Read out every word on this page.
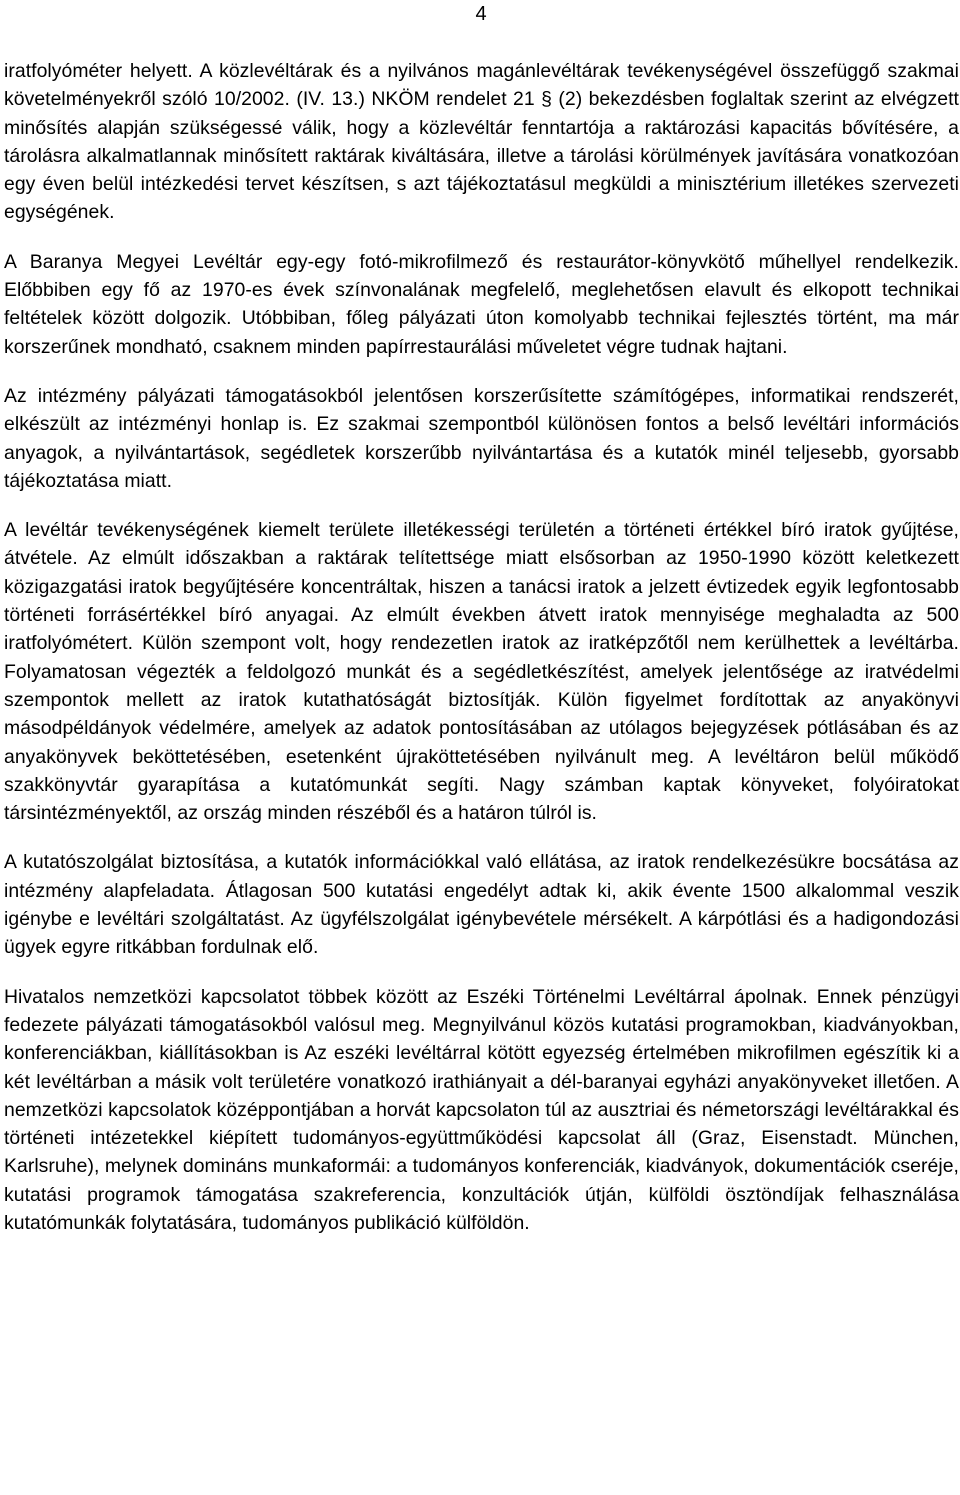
4

iratfolyóméter helyett. A közlevéltárak és a nyilvános magánlevéltárak tevékenységével összefüggő szakmai követelményekről szóló 10/2002. (IV. 13.) NKÖM rendelet 21 § (2) bekezdésben foglaltak szerint az elvégzett minősítés alapján szükségessé válik, hogy a közlevéltár fenntartója a raktározási kapacitás bővítésére, a tárolásra alkalmatlannak minősített raktárak kiváltására, illetve a tárolási körülmények javítására vonatkozóan egy éven belül intézkedési tervet készítsen, s azt tájékoztatásul megküldi a minisztérium illetékes szervezeti egységének.

A Baranya Megyei Levéltár egy-egy fotó-mikrofilmező és restaurátor-könyvkötő műhellyel rendelkezik. Előbbiben egy fő az 1970-es évek színvonalának megfelelő, meglehetősen elavult és elkopott technikai feltételek között dolgozik. Utóbbiban, főleg pályázati úton komolyabb technikai fejlesztés történt, ma már korszerűnek mondható, csaknem minden papírrestaurálási műveletet végre tudnak hajtani.

Az intézmény pályázati támogatásokból jelentősen korszerűsítette számítógépes, informatikai rendszerét, elkészült az intézményi honlap is. Ez szakmai szempontból különösen fontos a belső levéltári információs anyagok, a nyilvántartások, segédletek korszerűbb nyilvántartása és a kutatók minél teljesebb, gyorsabb tájékoztatása miatt.

A levéltár tevékenységének kiemelt területe illetékességi területén a történeti értékkel bíró iratok gyűjtése, átvétele. Az elmúlt időszakban a raktárak telítettsége miatt elsősorban az 1950-1990 között keletkezett közigazgatási iratok begyűjtésére koncentráltak, hiszen a tanácsi iratok a jelzett évtizedek egyik legfontosabb történeti forrásértékkel bíró anyagai. Az elmúlt években átvett iratok mennyisége meghaladta az 500 iratfolyómétert. Külön szempont volt, hogy rendezetlen iratok az iratképzőtől nem kerülhettek a levéltárba. Folyamatosan végezték a feldolgozó munkát és a segédletkészítést, amelyek jelentősége az iratvédelmi szempontok mellett az iratok kutathatóságát biztosítják. Külön figyelmet fordítottak az anyakönyvi másodpéldányok védelmére, amelyek az adatok pontosításában az utólagos bejegyzések pótlásában és az anyakönyvek beköttetésében, esetenként újraköttetésében nyilvánult meg. A levéltáron belül működő szakkönyvtár gyarapítása a kutatómunkát segíti. Nagy számban kaptak könyveket, folyóiratokat társintézményektől, az ország minden részéből és a határon túlról is.

A kutatószolgálat biztosítása, a kutatók információkkal való ellátása, az iratok rendelkezésükre bocsátása az intézmény alapfeladata. Átlagosan 500 kutatási engedélyt adtak ki, akik évente 1500 alkalommal veszik igénybe e levéltári szolgáltatást. Az ügyfélszolgálat igénybevétele mérsékelt. A kárpótlási és a hadigondozási ügyek egyre ritkábban fordulnak elő.

Hivatalos nemzetközi kapcsolatot többek között az Eszéki Történelmi Levéltárral ápolnak. Ennek pénzügyi fedezete pályázati támogatásokból valósul meg. Megnyilvánul közös kutatási programokban, kiadványokban, konferenciákban, kiállításokban is Az eszéki levéltárral kötött egyezség értelmében mikrofilmen egészítik ki a két levéltárban a másik volt területére vonatkozó irathiányait a dél-baranyai egyházi anyakönyveket illetően. A nemzetközi kapcsolatok középpontjában a horvát kapcsolaton túl az ausztriai és németországi levéltárakkal és történeti intézetekkel kiépített tudományos-együttműködési kapcsolat áll (Graz, Eisenstadt. München, Karlsruhe), melynek domináns munkaformái: a tudományos konferenciák, kiadványok, dokumentációk cseréje, kutatási programok támogatása szakreferencia, konzultációk útján, külföldi ösztöndíjak felhasználása kutatómunkák folytatására, tudományos publikáció külföldön.
